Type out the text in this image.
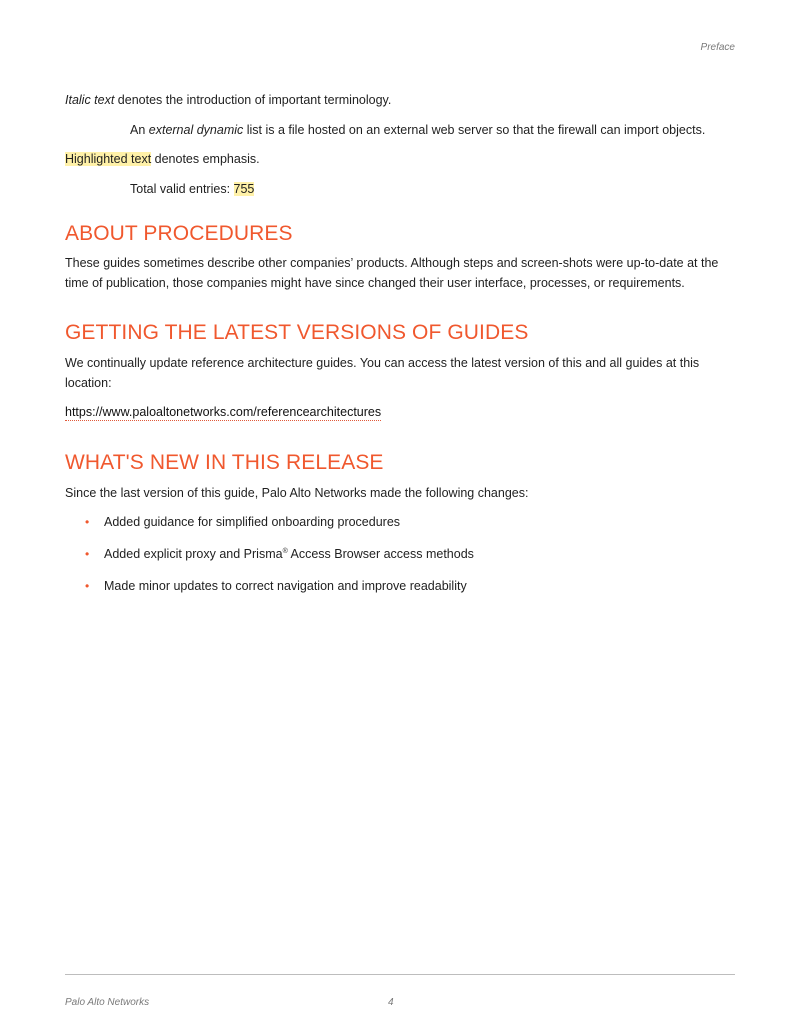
Preface

Italic text denotes the introduction of important terminology.

An external dynamic list is a file hosted on an external web server so that the firewall can import objects.

Highlighted text denotes emphasis.

Total valid entries: 755

ABOUT PROCEDURES

These guides sometimes describe other companies’ products. Although steps and screen-shots were up-to-date at the time of publication, those companies might have since changed their user interface, processes, or requirements.

GETTING THE LATEST VERSIONS OF GUIDES

We continually update reference architecture guides. You can access the latest version of this and all guides at this location:

https://www.paloaltonetworks.com/referencearchitectures

WHAT'S NEW IN THIS RELEASE

Since the last version of this guide, Palo Alto Networks made the following changes:

• Added guidance for simplified onboarding procedures
• Added explicit proxy and Prisma® Access Browser access methods
• Made minor updates to correct navigation and improve readability
Palo Alto Networks	4
